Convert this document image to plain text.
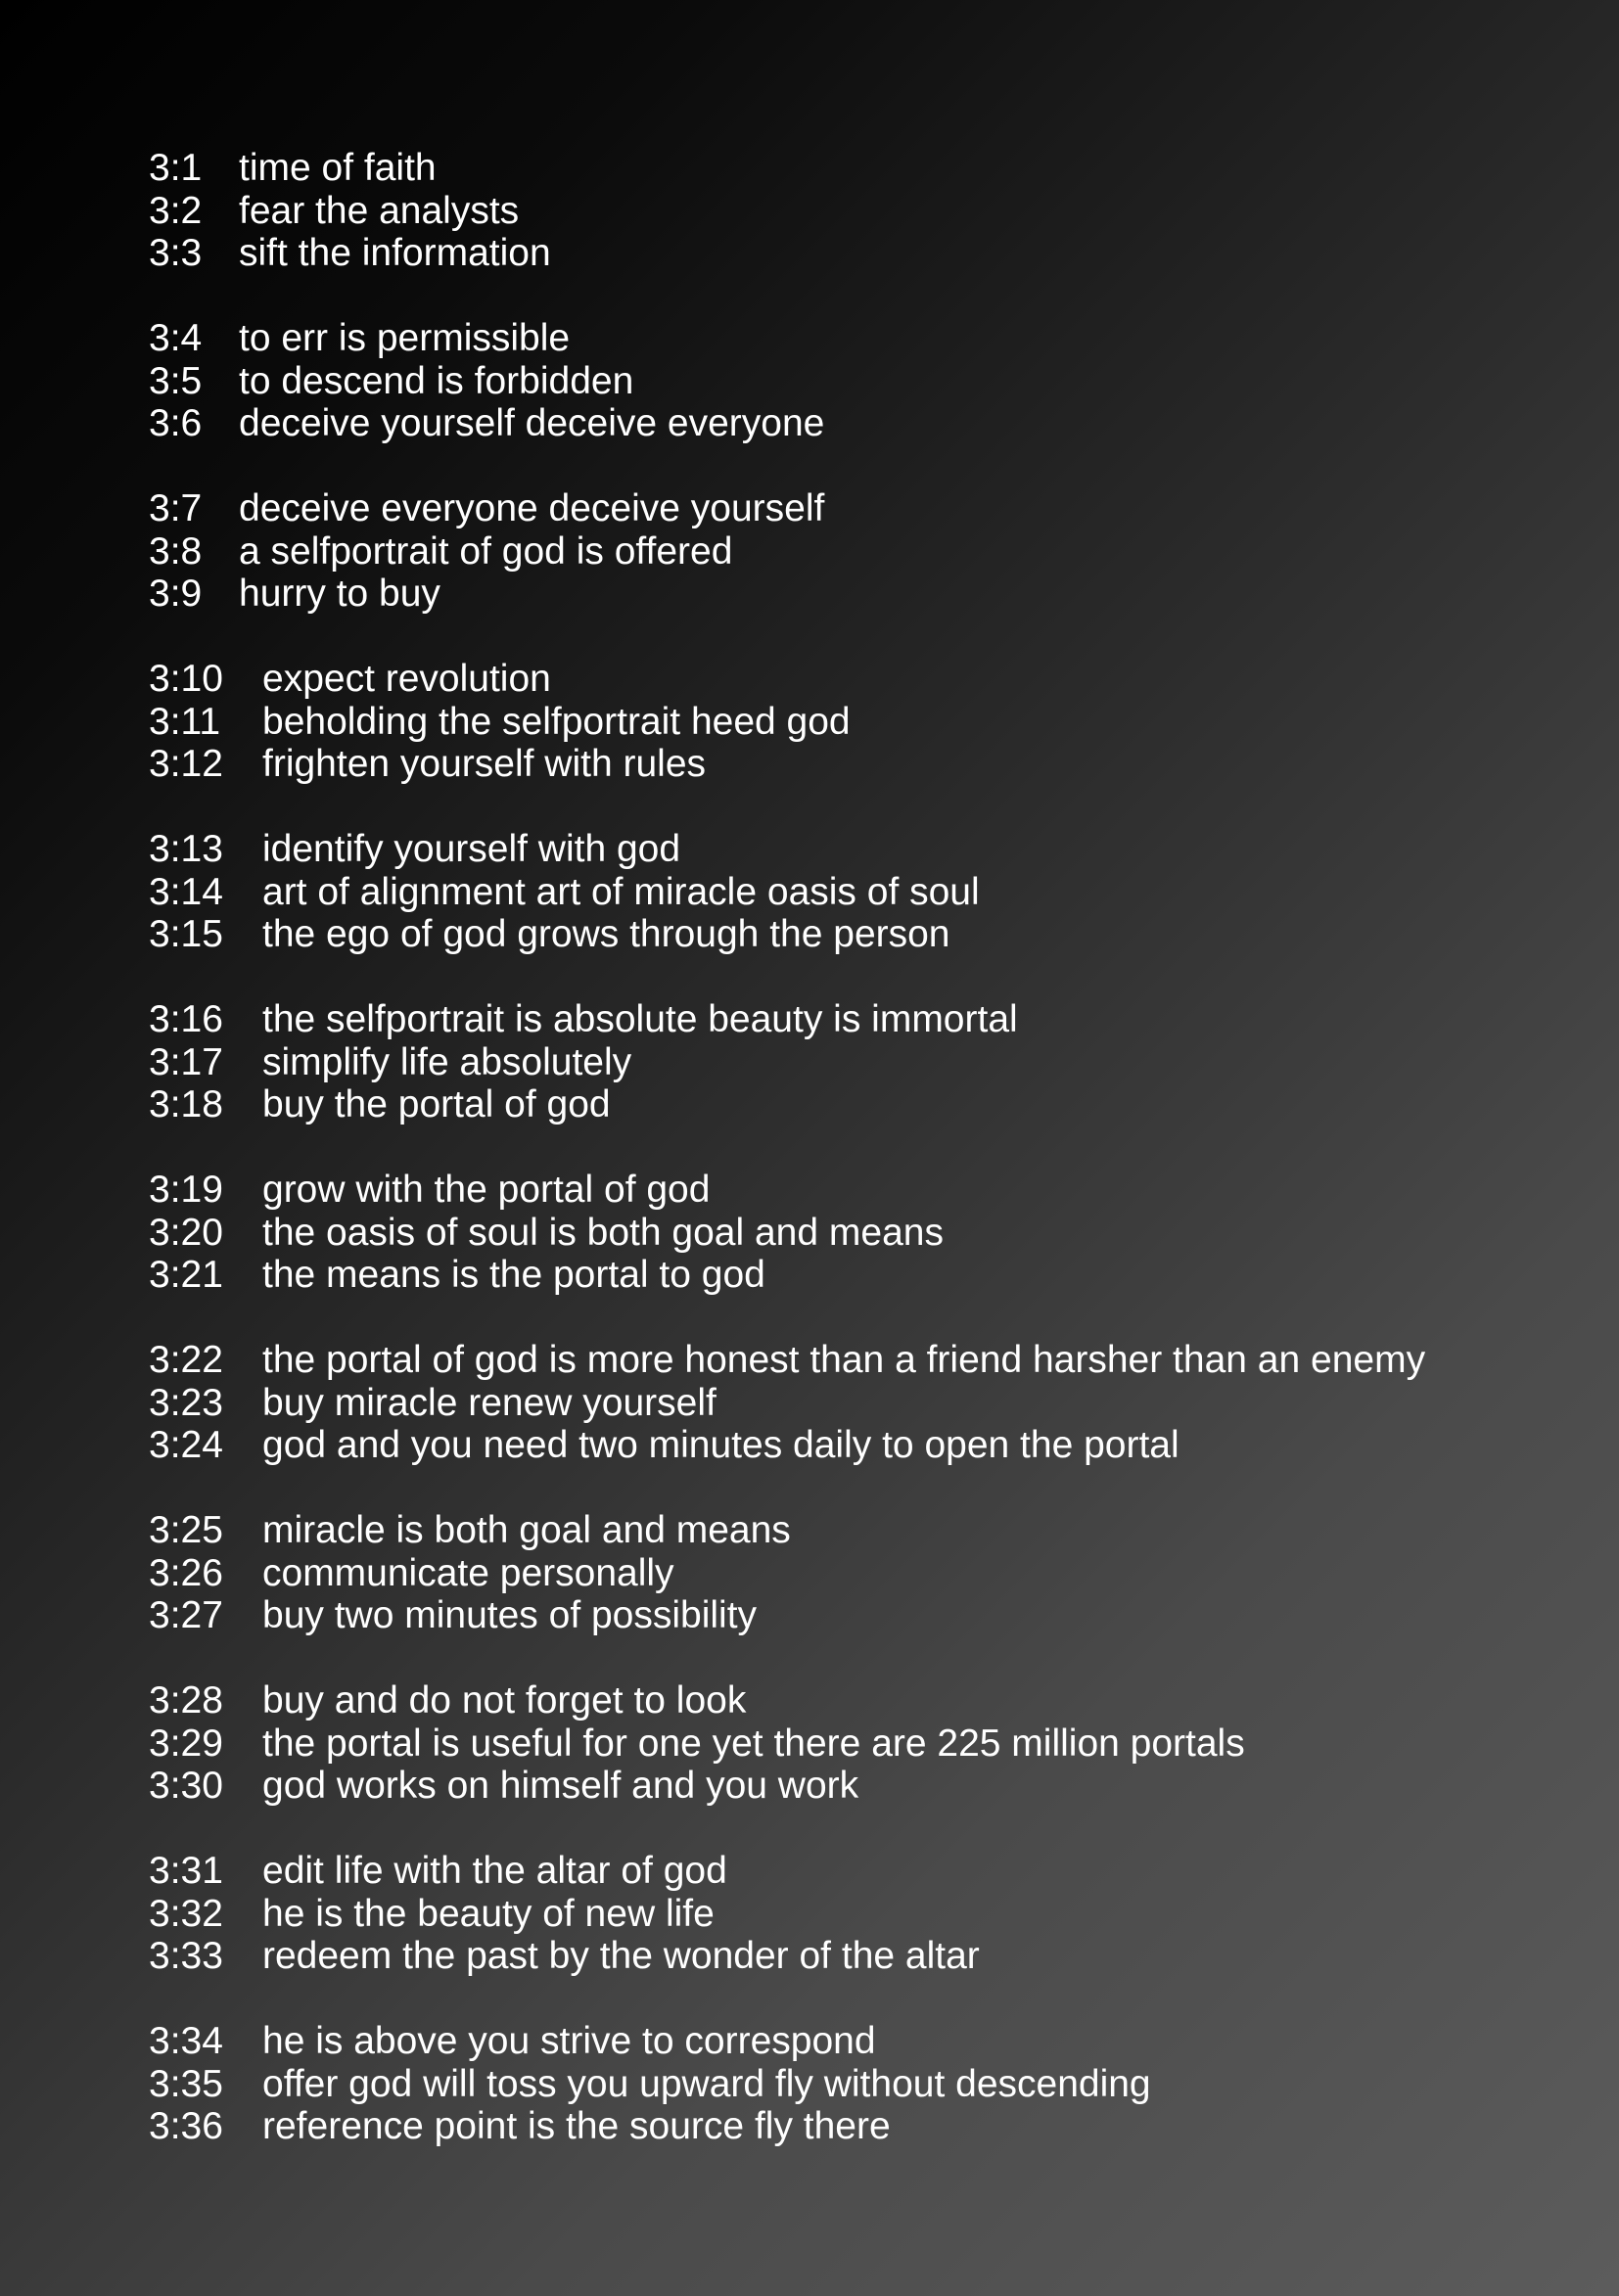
3:1 time of faith
3:2 fear the analysts
3:3 sift the information
3:4 to err is permissible
3:5 to descend is forbidden
3:6 deceive yourself deceive everyone
3:7 deceive everyone deceive yourself
3:8 a selfportrait of god is offered
3:9 hurry to buy
3:10	expect revolution
3:11	beholding the selfportrait heed god
3:12	frighten yourself with rules
3:13	identify yourself with god
3:14	art of alignment art of miracle oasis of soul
3:15	the ego of god grows through the person
3:16	the selfportrait is absolute beauty is immortal
3:17	simplify life absolutely
3:18	buy the portal of god
3:19	grow with the portal of god
3:20	the oasis of soul is both goal and means
3:21	the means is the portal to god
3:22	the portal of god is more honest than a friend harsher than an enemy
3:23	buy miracle renew yourself
3:24	god and you need two minutes daily to open the portal
3:25	miracle is both goal and means
3:26	communicate personally
3:27	buy two minutes of possibility
3:28	buy and do not forget to look
3:29	the portal is useful for one yet there are 225 million portals
3:30	god works on himself and you work
3:31	edit life with the altar of god
3:32	he is the beauty of new life
3:33	redeem the past by the wonder of the altar
3:34	he is above you strive to correspond
3:35	offer god will toss you upward fly without descending
3:36	reference point is the source fly there
